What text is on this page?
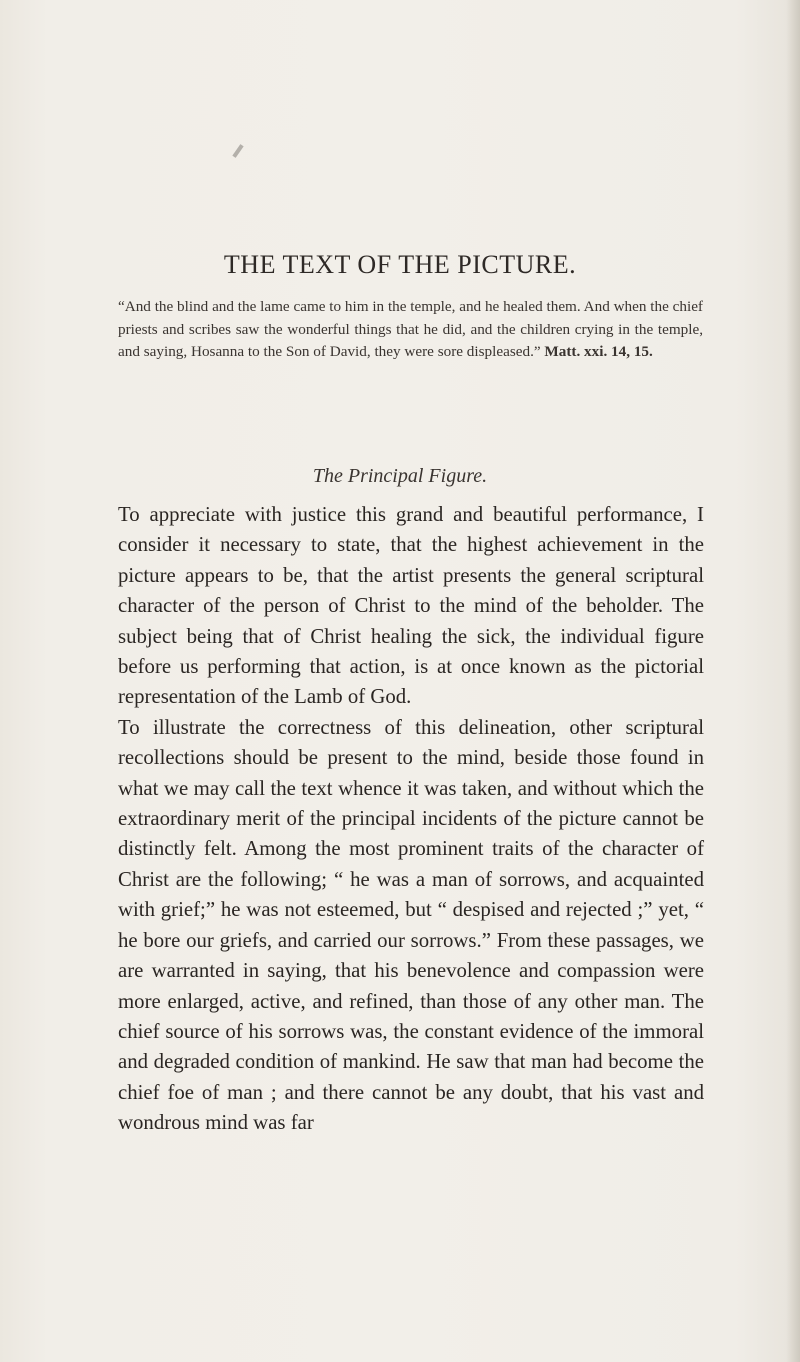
THE TEXT OF THE PICTURE.
“And the blind and the lame came to him in the temple, and he healed them. And when the chief priests and scribes saw the wonderful things that he did, and the children crying in the temple, and saying, Hosanna to the Son of David, they were sore displeased.” Matt. xxi. 14, 15.
The Principal Figure.

To appreciate with justice this grand and beautiful performance, I consider it necessary to state, that the highest achievement in the picture appears to be, that the artist presents the general scriptural character of the person of Christ to the mind of the beholder. The subject being that of Christ healing the sick, the individual figure before us performing that action, is at once known as the pictorial representation of the Lamb of God.

To illustrate the correctness of this delineation, other scriptural recollections should be present to the mind, beside those found in what we may call the text whence it was taken, and without which the extraordinary merit of the principal incidents of the picture cannot be distinctly felt. Among the most prominent traits of the character of Christ are the following; “ he was a man of sorrows, and acquainted with grief;” he was not esteemed, but “ despised and rejected ;” yet, “ he bore our griefs, and carried our sorrows.” From these passages, we are warranted in saying, that his benevolence and compassion were more enlarged, active, and refined, than those of any other man. The chief source of his sorrows was, the constant evidence of the immoral and degraded condition of mankind. He saw that man had become the chief foe of man ; and there cannot be any doubt, that his vast and wondrous mind was far
